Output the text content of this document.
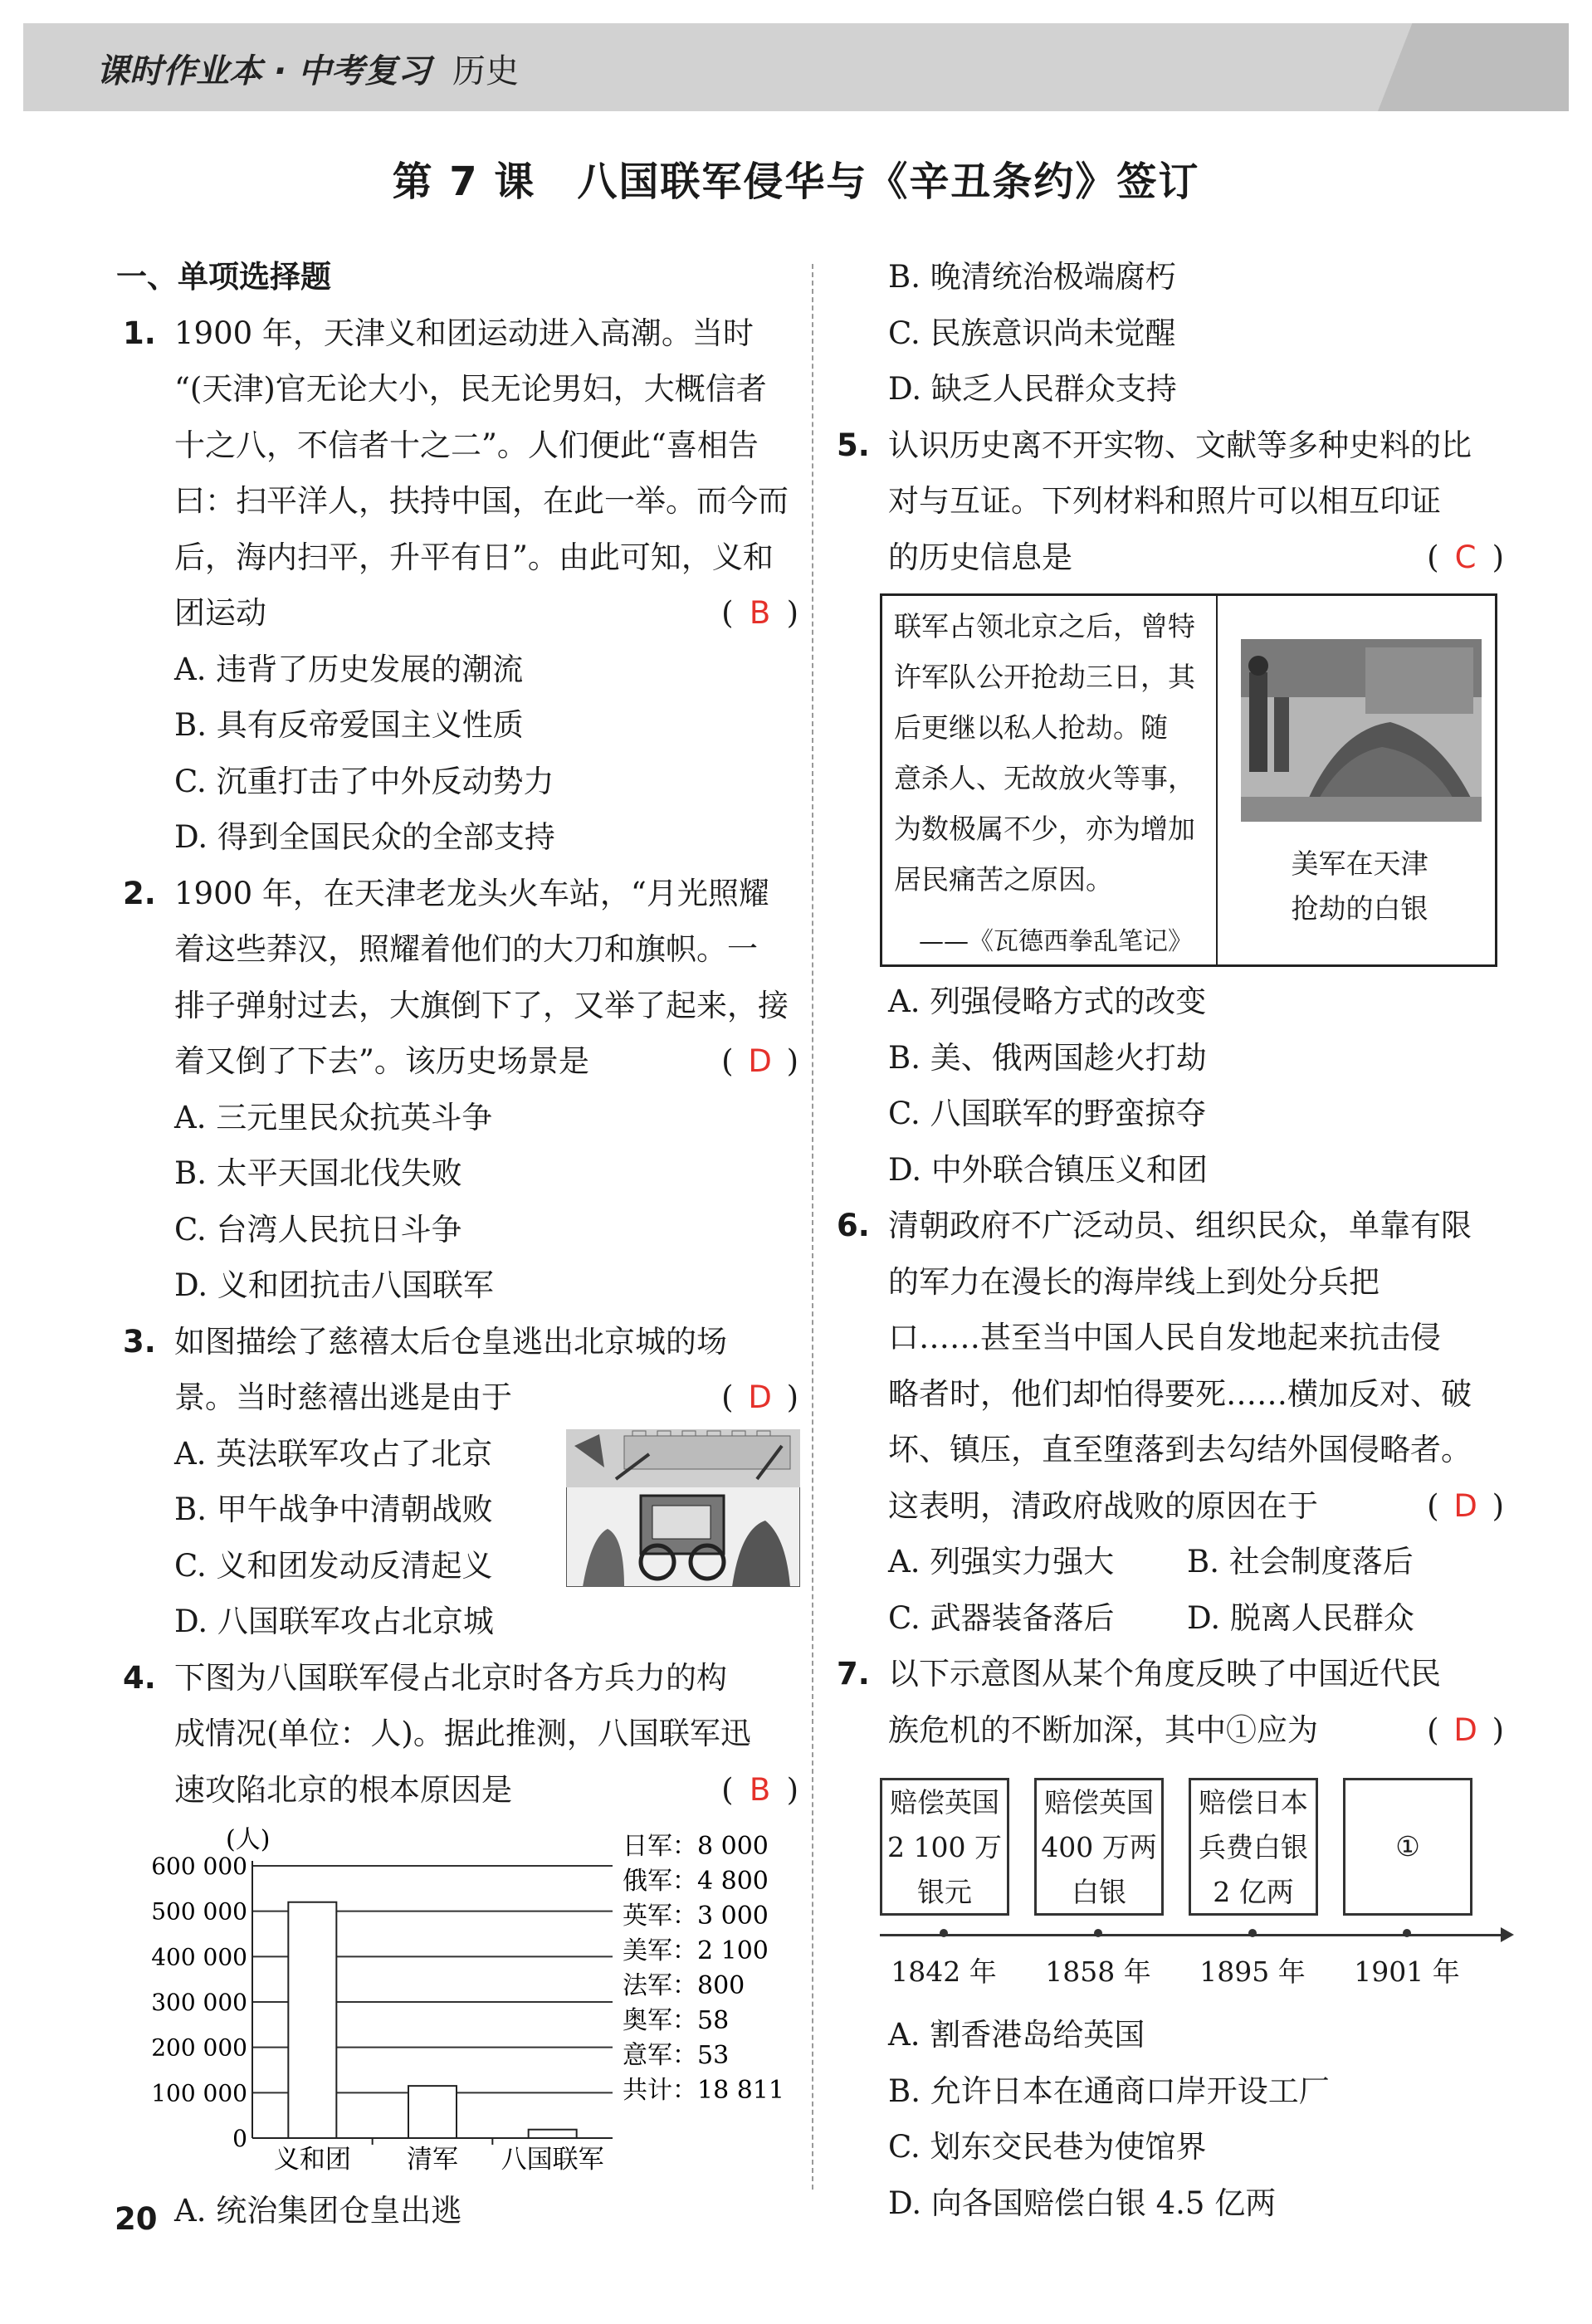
课时作业本 · 中考复习 历史
第 7 课　八国联军侵华与《辛丑条约》签订
一、单项选择题
1. 1900 年，天津义和团运动进入高潮。当时
“(天津)官无论大小，民无论男妇，大概信者
十之八，不信者十之二”。人们便此“喜相告
曰：扫平洋人，扶持中国，在此一举。而今而
后，海内扫平，升平有日”。由此可知，义和
( B )
团运动
A. 违背了历史发展的潮流
B. 具有反帝爱国主义性质
C. 沉重打击了中外反动势力
D. 得到全国民众的全部支持
2. 1900 年，在天津老龙头火车站，“月光照耀
着这些莽汉，照耀着他们的大刀和旗帜。一
排子弹射过去，大旗倒下了，又举了起来，接
( D )
着又倒了下去”。该历史场景是
A. 三元里民众抗英斗争
B. 太平天国北伐失败
C. 台湾人民抗日斗争
D. 义和团抗击八国联军
3. 如图描绘了慈禧太后仓皇逃出北京城的场
( D )
景。当时慈禧出逃是由于
A. 英法联军攻占了北京
B. 甲午战争中清朝战败
C. 义和团发动反清起义
D. 八国联军攻占北京城
4. 下图为八国联军侵占北京时各方兵力的构
成情况(单位：人)。据此推测，八国联军迅
( B )
速攻陷北京的根本原因是
(人)
600 000
500 000
400 000
300 000
200 000
100 000
0
义和团 清军 八国联军
日军：8 000
俄军：4 800
英军：3 000
美军：2 100
法军：800
奥军：58
意军：53
共计：18 811
A. 统治集团仓皇出逃
B. 晚清统治极端腐朽
C. 民族意识尚未觉醒
D. 缺乏人民群众支持
5. 认识历史离不开实物、文献等多种史料的比
对与互证。下列材料和照片可以相互印证
( C )
的历史信息是
联军占领北京之后，曾特
许军队公开抢劫三日，其
后更继以私人抢劫。随
意杀人、无故放火等事，
为数极属不少，亦为增加
居民痛苦之原因。
——《瓦德西拳乱笔记》
美军在天津
抢劫的白银
A. 列强侵略方式的改变
B. 美、俄两国趁火打劫
C. 八国联军的野蛮掠夺
D. 中外联合镇压义和团
6. 清朝政府不广泛动员、组织民众，单靠有限
的军力在漫长的海岸线上到处分兵把
口……甚至当中国人民自发地起来抗击侵
略者时，他们却怕得要死……横加反对、破
坏、镇压，直至堕落到去勾结外国侵略者。
( D )
这表明，清政府战败的原因在于
A. 列强实力强大	B. 社会制度落后
C. 武器装备落后	D. 脱离人民群众
7. 以下示意图从某个角度反映了中国近代民
( D )
族危机的不断加深，其中①应为
赔偿英国
2 100 万
银元
赔偿英国
400 万两
白银
赔偿日本
兵费白银
2 亿两
①
1842 年	1858 年	1895 年	1901 年
A. 割香港岛给英国
B. 允许日本在通商口岸开设工厂
C. 划东交民巷为使馆界
D. 向各国赔偿白银 4.5 亿两
20
